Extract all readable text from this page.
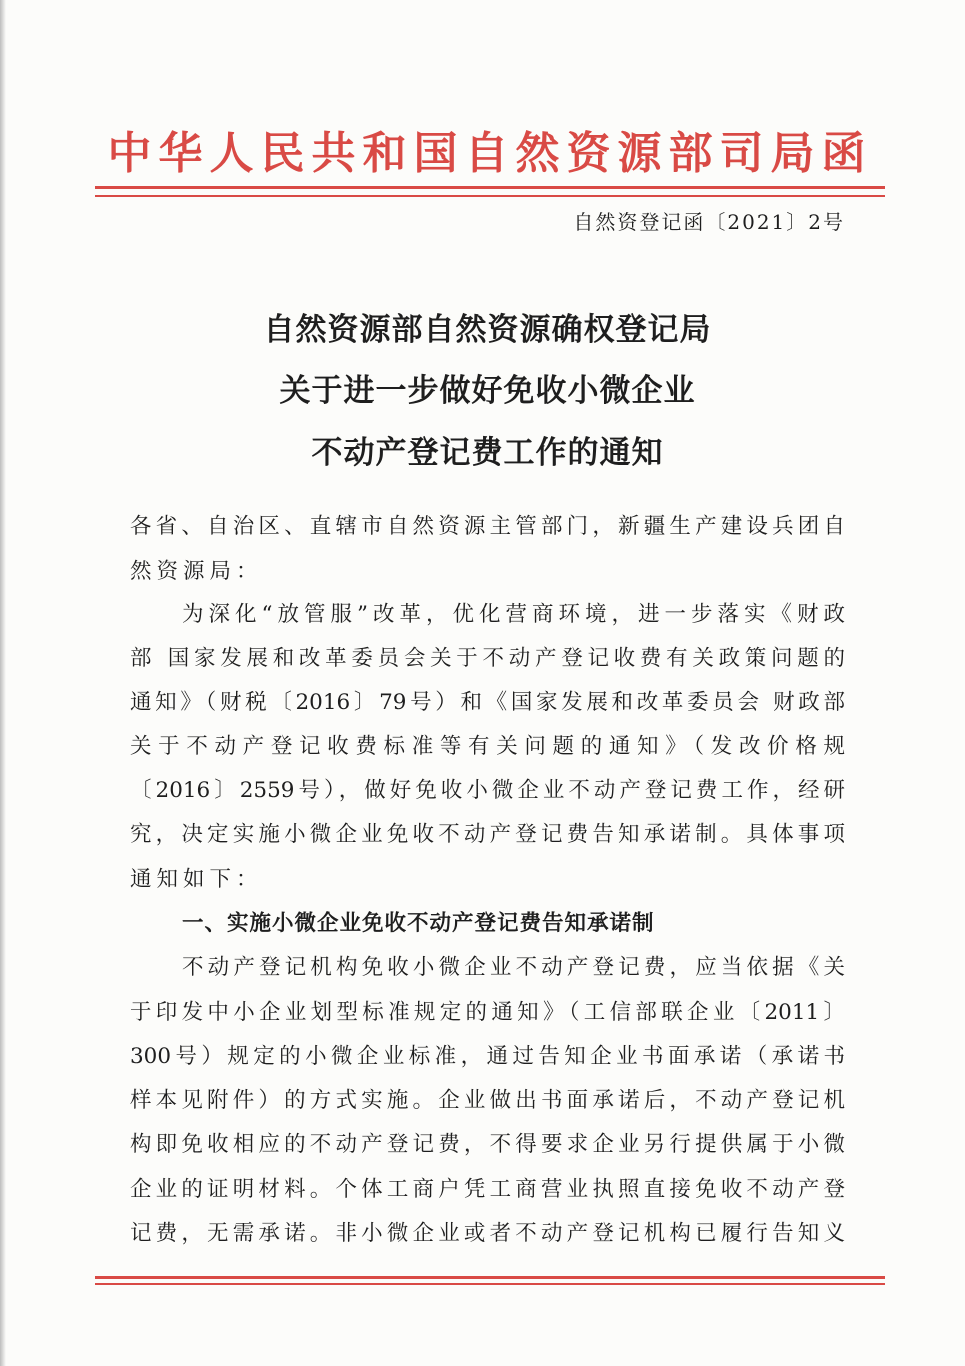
中华人民共和国自然资源部司局函
自然资登记函〔2021〕2号
自然资源部自然资源确权登记局
关于进一步做好免收小微企业
不动产登记费工作的通知
各省、自治区、直辖市自然资源主管部门，新疆生产建设兵团自
然资源局：
为深化“放管服”改革，优化营商环境，进一步落实《财政
部 国家发展和改革委员会关于不动产登记收费有关政策问题的
通知》（财税〔2016〕79号）和《国家发展和改革委员会 财政部
关于不动产登记收费标准等有关问题的通知》（发改价格规
〔2016〕2559号），做好免收小微企业不动产登记费工作，经研
究，决定实施小微企业免收不动产登记费告知承诺制。具体事项
通知如下：
一、实施小微企业免收不动产登记费告知承诺制
不动产登记机构免收小微企业不动产登记费，应当依据《关
于印发中小企业划型标准规定的通知》（工信部联企业〔2011〕
300号）规定的小微企业标准，通过告知企业书面承诺（承诺书
样本见附件）的方式实施。企业做出书面承诺后，不动产登记机
构即免收相应的不动产登记费，不得要求企业另行提供属于小微
企业的证明材料。个体工商户凭工商营业执照直接免收不动产登
记费，无需承诺。非小微企业或者不动产登记机构已履行告知义
